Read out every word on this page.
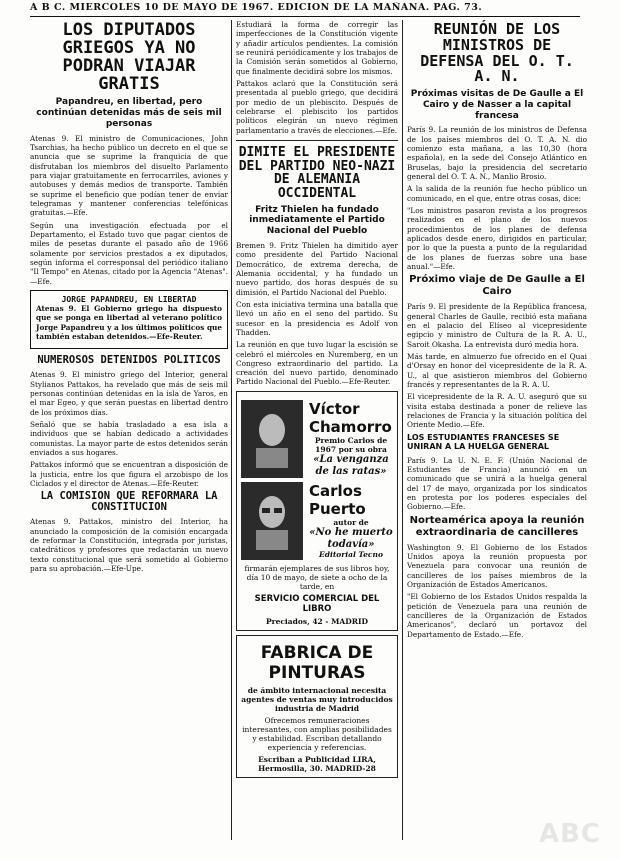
A B C. MIERCOLES 10 DE MAYO DE 1967. EDICION DE LA MAÑANA. PAG. 73.
LOS DIPUTADOS GRIEGOS YA NO PODRAN VIAJAR GRATIS
Papandreu, en libertad, pero continúan detenidas más de seis mil personas

Atenas 9. El ministro de Comunicaciones, John Tsarchias, ha hecho público un decreto en el que se anuncia que se suprime la franquicia de que disfrutaban los miembros del disuelto Parlamento para viajar gratuitamente en ferrocarriles, aviones y autobuses y demás medios de transporte. También se suprime el beneficio que podían tener de enviar telegramas y mantener conferencias telefónicas gratuitas.—Efe.

Según una investigación efectuada por el Departamento, el Estado tuvo que pagar cientos de miles de pesetas durante el pasado año de 1966 solamente por servicios prestados a ex diputados, según informa el corresponsal del periódico italiano "Il Tempo" en Atenas, citado por la Agencia "Atenas".—Efe.

JORGE PAPANDREU, EN LIBERTAD

Atenas 9. El Gobierno griego ha dispuesto que se ponga en libertad al veterano político Jorge Papandreu y a los últimos políticos que también estaban detenidos.—Efe-Reuter.

NUMEROSOS DETENIDOS POLITICOS

Atenas 9. El ministro griego del Interior, general Stylianos Pattakos, ha revelado que más de seis mil personas continúan detenidas en la isla de Yaros, en el mar Egeo, y que serán puestas en libertad dentro de los próximos días.

Señaló que se había trasladado a esa isla a individuos que se habían dedicado a actividades comunistas. La mayor parte de estos detenidos serán enviados a sus hogares.

Pattakos informó que se encuentran a disposición de la justicia, entre los que figura el arzobispo de los Ciclados y el director de Atenas.—Efe-Reuter.

LA COMISION QUE REFORMARA LA CONSTITUCION

Atenas 9. Pattakos, ministro del Interior, ha anunciado la composición de la comisión encargada de reformar la Constitución, integrada por juristas, catedráticos y profesores que redactarán un nuevo texto constitucional que será sometido al Gobierno para su aprobación.—Efe-Upe.

Estudiará la forma de corregir las imperfecciones de la Constitución vigente y añadir artículos pendientes. La comisión se reunirá periódicamente y los trabajos de la Comisión serán sometidos al Gobierno, que finalmente decidirá sobre los mismos.

Pattakos aclaró que la Constitución será presentada al pueblo griego, que decidirá por medio de un plebiscito. Después de celebrarse el plebiscito los partidos políticos elegirán un nuevo régimen parlamentario a través de elecciones.—Efe.

DIMITE EL PRESIDENTE DEL PARTIDO NEO-NAZI DE ALEMANIA OCCIDENTAL
Fritz Thielen ha fundado inmediatamente el Partido Nacional del Pueblo

Bremen 9. Fritz Thielen ha dimitido ayer como presidente del Partido Nacional Democrático, de extrema derecha, de Alemania occidental, y ha fundado un nuevo partido, dos horas después de su dimisión, el Partido Nacional del Pueblo.

Con esta iniciativa termina una batalla que llevó un año en el seno del partido. Su sucesor en la presidencia es Adolf von Thadden.

La reunión en que tuvo lugar la escisión se celebró el miércoles en Nuremberg, en un Congreso extraordinario del partido. La creación del nuevo partido, denominado Partido Nacional del Pueblo.—Efe-Reuter.

Víctor Chamorro
Premio Carlos de 1967 por su obra
«La venganza de las ratas»
Carlos Puerto
autor de
«No he muerto todavía»
Editorial Tecno
firmarán ejemplares de sus libros hoy, día 10 de mayo, de siete a ocho de la tarde, en
SERVICIO COMERCIAL DEL LIBRO
Preciados, 42 - MADRID
FABRICA DE PINTURAS
de ámbito internacional necesita agentes de ventas muy introducidos industria de Madrid
Ofrecemos remuneraciones interesantes, con amplias posibilidades y estabilidad. Escriban detallando experiencia y referencias.
Escriban a Publicidad LIRA, Hermosilla, 30. MADRID-28
REUNIÓN DE LOS MINISTROS DE DEFENSA DEL O. T. A. N.
Próximas visitas de De Gaulle a El Cairo y de Nasser a la capital francesa

París 9. La reunión de los ministros de Defensa de los países miembros del O. T. A. N. dio comienzo esta mañana, a las 10,30 (hora española), en la sede del Consejo Atlántico en Bruselas, bajo la presidencia del secretario general del O. T. A. N., Manlio Brosio.

A la salida de la reunión fue hecho público un comunicado, en el que, entre otras cosas, dice:

"Los ministros pasaron revista a los progresos realizados en el plano de los nuevos procedimientos de los planes de defensa aplicados desde enero, dirigidos en particular, por lo que la puesta a punto de la regularidad de los planes de fuerzas sobre una base anual."—Efe.

Próximo viaje de De Gaulle a El Cairo

París 9. El presidente de la República francesa, general Charles de Gaulle, recibió esta mañana en el palacio del Elíseo al vicepresidente egipcio y ministro de Cultura de la R. A. U., Saroit Okasha. La entrevista duró media hora.

Más tarde, en almuerzo fue ofrecido en el Quai d'Orsay en honor del vicepresidente de la R. A. U., al que asistieron miembros del Gobierno francés y representantes de la R. A. U.

El vicepresidente de la R. A. U. aseguró que su visita estaba destinada a poner de relieve las relaciones de Francia y la situación política del Oriente Medio.—Efe.

LOS ESTUDIANTES FRANCESES SE UNIRAN A LA HUELGA GENERAL

París 9. La U. N. E. F. (Unión Nacional de Estudiantes de Francia) anunció en un comunicado que se unirá a la huelga general del 17 de mayo, organizada por los sindicatos en protesta por los poderes especiales del Gobierno.—Efe.

Norteamérica apoya la reunión extraordinaria de cancilleres

Washington 9. El Gobierno de los Estados Unidos apoya la reunión propuesta por Venezuela para convocar una reunión de cancilleres de los países miembros de la Organización de Estados Americanos.

"El Gobierno de los Estados Unidos respalda la petición de Venezuela para una reunión de cancilleres de la Organización de Estados Americanos", declaró un portavoz del Departamento de Estado.—Efe.

ABC
